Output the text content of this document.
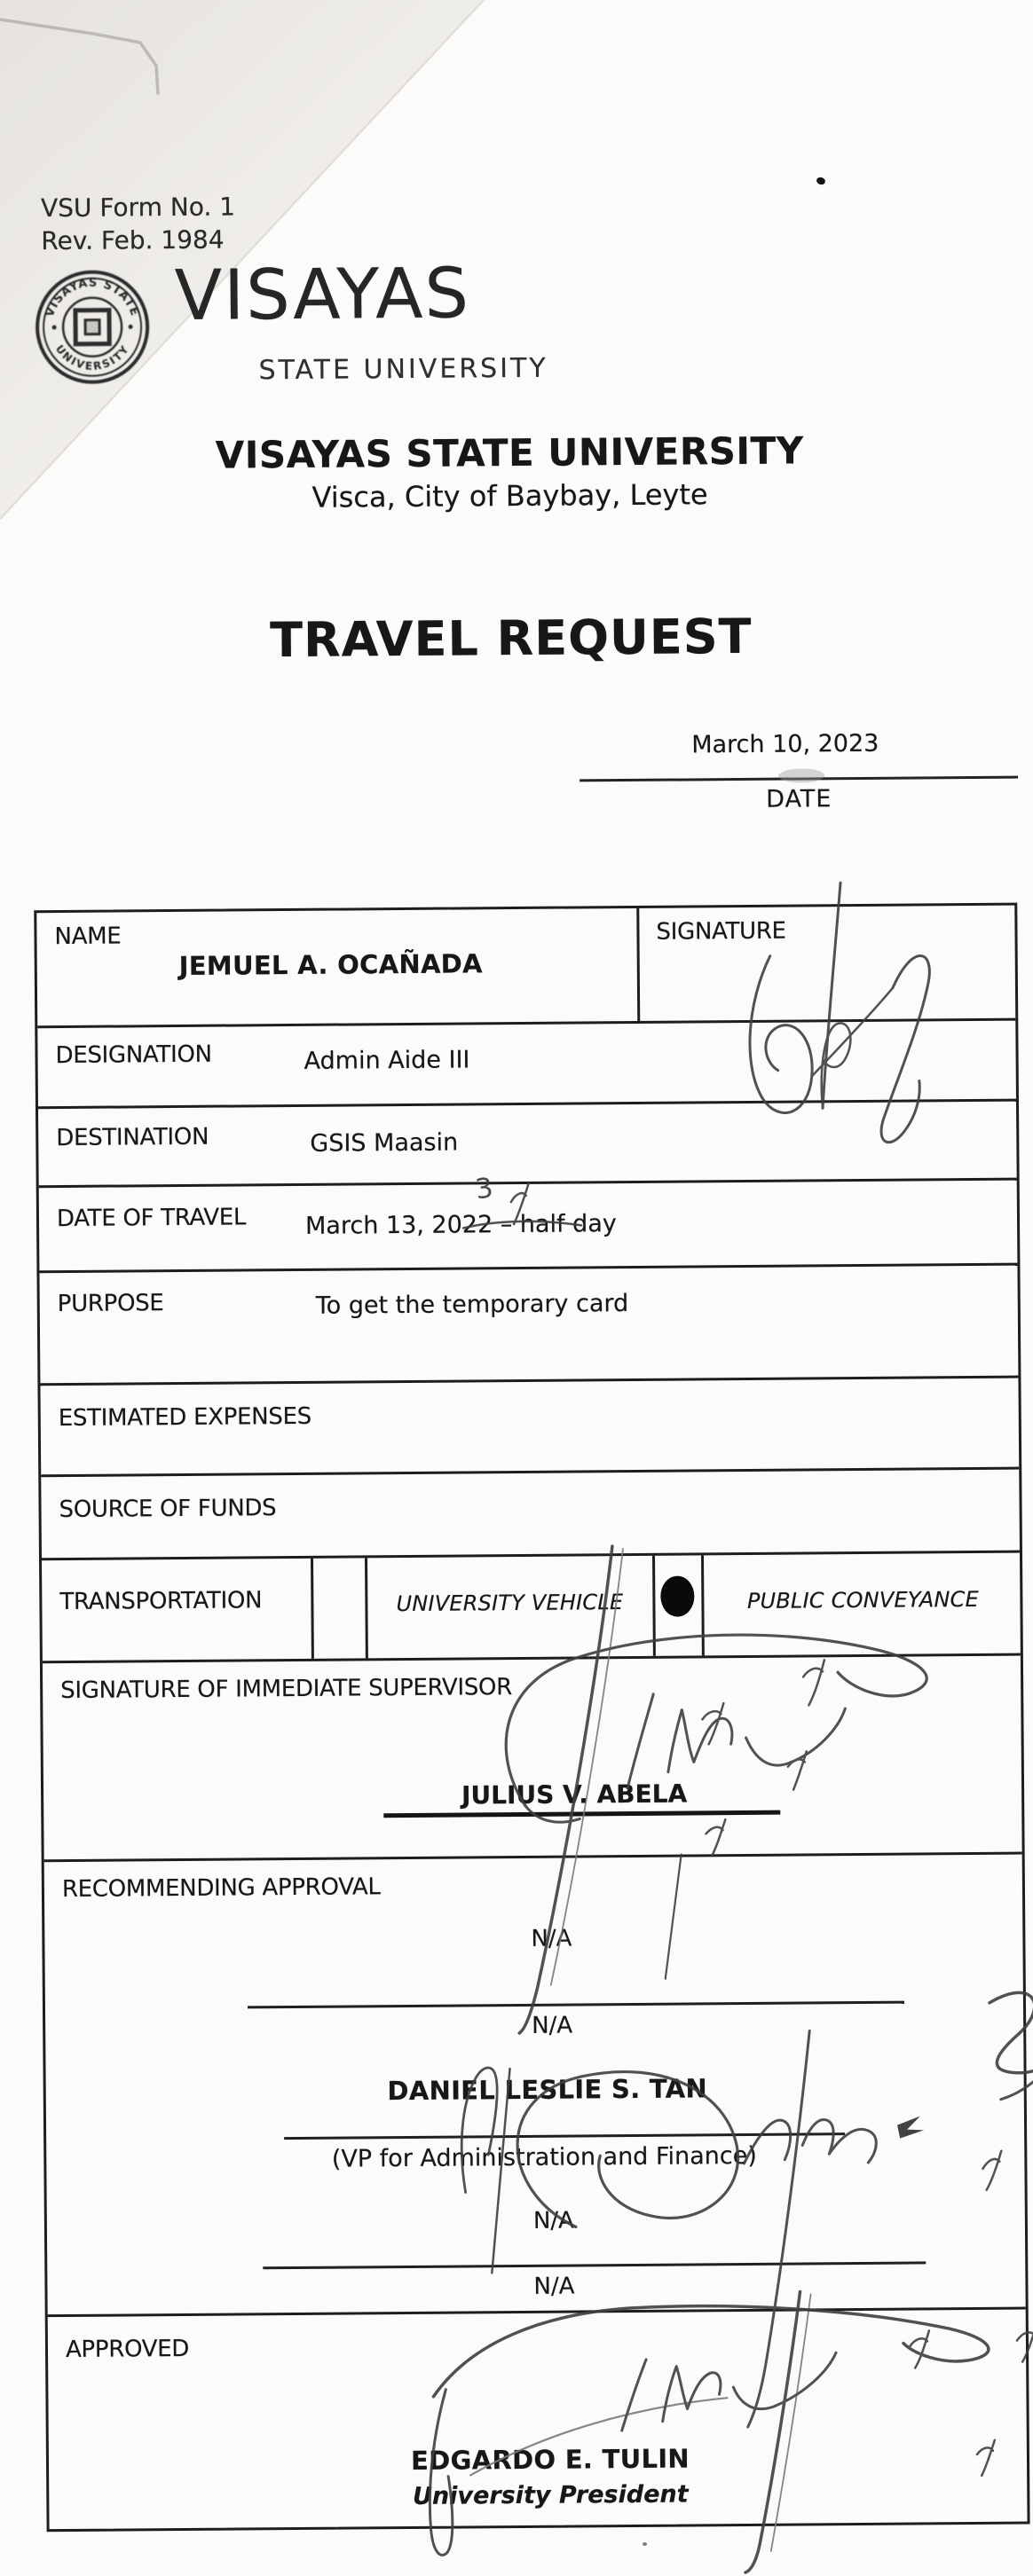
VSU Form No. 1
Rev. Feb. 1984
VISAYAS STATE
UNIVERSITY
VISAYAS
STATE UNIVERSITY
VISAYAS STATE UNIVERSITY
Visca, City of Baybay, Leyte
TRAVEL REQUEST
March 10, 2023
DATE
NAME
JEMUEL A. OCAÑADA
SIGNATURE
DESIGNATION	Admin Aide III
DESTINATION	GSIS Maasin
DATE OF TRAVEL March 13, 2022 – half day
PURPOSE	To get the temporary card
ESTIMATED EXPENSES
SOURCE OF FUNDS
TRANSPORTATION	UNIVERSITY VEHICLE	PUBLIC CONVEYANCE
SIGNATURE OF IMMEDIATE SUPERVISOR
JULIUS V. ABELA
RECOMMENDING APPROVAL
N/A
N/A
DANIEL LESLIE S. TAN
(VP for Administration and Finance)
N/A
N/A
APPROVED
EDGARDO E. TULIN
University President
3
